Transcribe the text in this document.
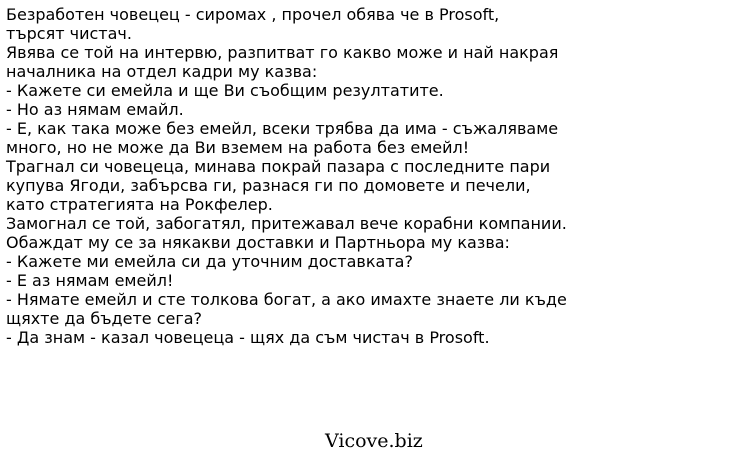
Безработен човецец - сиромах , прочел обява че в Prosoft,
търсят чистач.
Явява се той на интервю, разпитват го какво може и най накрая
началника на отдел кадри му казва:
- Кажете си емейла и ще Ви съобщим резултатите.
- Но аз нямам емайл.
- Е, как така може без емейл, всеки трябва да има - съжаляваме
много, но не може да Ви вземем на работа без емейл!
Трагнал си човецеца, минава покрай пазара с последните пари
купува Ягоди, забърсва ги, разнася ги по домовете и печели,
като стратегията на Рокфелер.
Замогнал се той, забогатял, притежавал вече корабни компании.
Обаждат му се за някакви доставки и Партньора му казва:
- Кажете ми емейла си да уточним доставката?
- Е аз нямам емейл!
- Нямате емейл и сте толкова богат, а ако имахте знаете ли къде
щяхте да бъдете сега?
- Да знам - казал човецеца - щях да съм чистач в Prosoft.
Vicove.biz
